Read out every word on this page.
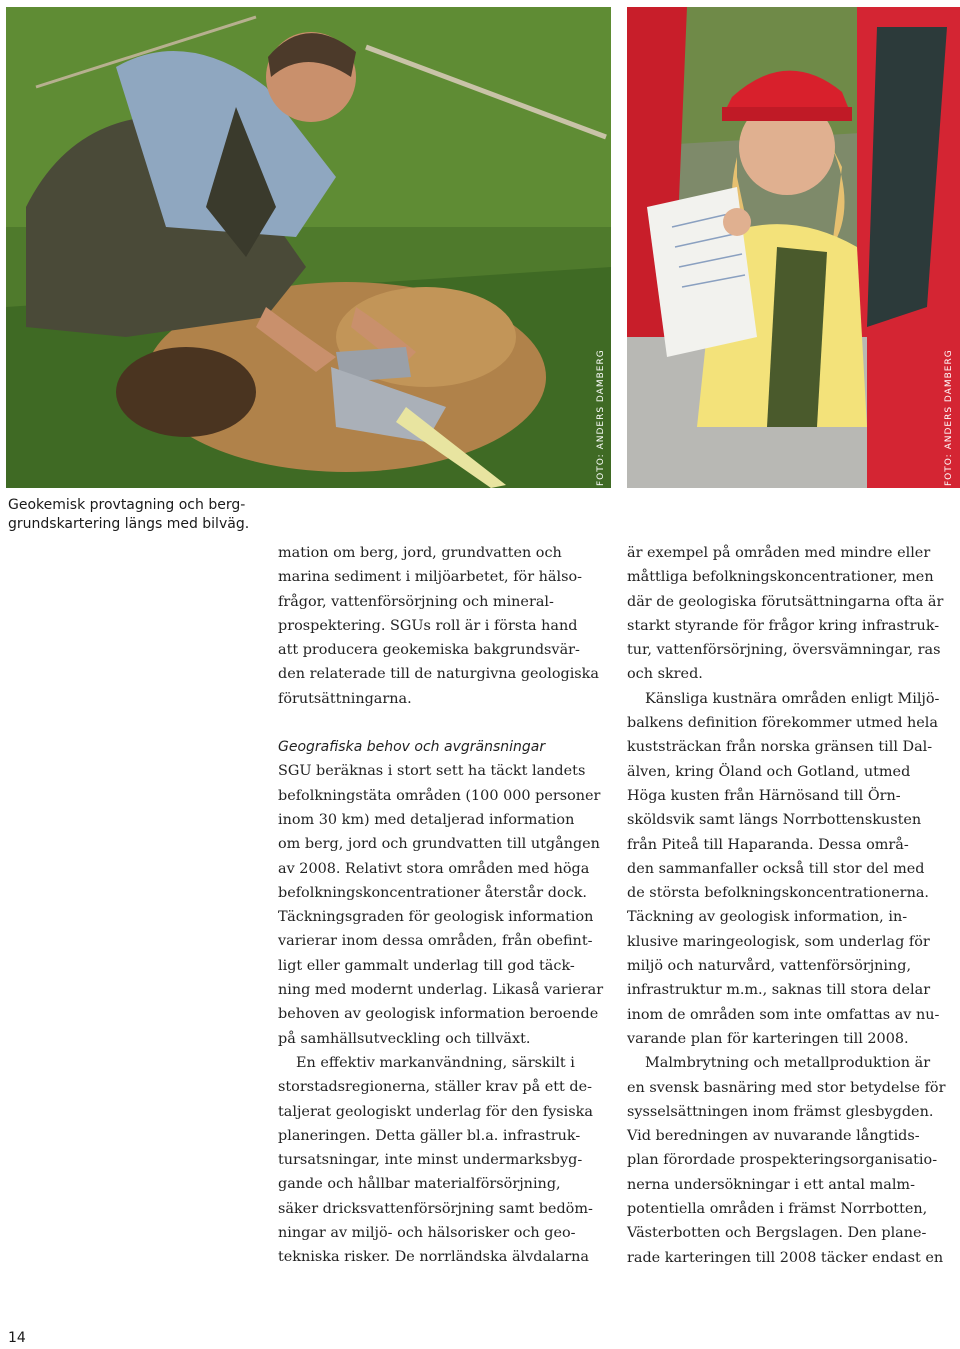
FOTO: ANDERS DAMBERG	FOTO: ANDERS DAMBERG
Geokemisk provtagning och berg-
grundskartering längs med bilväg.

mation om berg, jord, grundvatten och
marina sediment i miljöarbetet, för hälso-
frågor, vattenförsörjning och mineral-
prospektering. SGUs roll är i första hand
att producera geokemiska bakgrundsvär-
den relaterade till de naturgivna geologiska
förutsättningarna.

Geografiska behov och avgränsningar

SGU beräknas i stort sett ha täckt landets
befolkningstäta områden (100 000 personer
inom 30 km) med detaljerad information
om berg, jord och grundvatten till utgången
av 2008. Relativt stora områden med höga
befolkningskoncentrationer återstår dock.
Täckningsgraden för geologisk information
varierar inom dessa områden, från obefint-
ligt eller gammalt underlag till god täck-
ning med modernt underlag. Likaså varierar
behoven av geologisk information beroende
på samhällsutveckling och tillväxt.

En effektiv markanvändning, särskilt i
storstadsregionerna, ställer krav på ett de-
taljerat geologiskt underlag för den fysiska
planeringen. Detta gäller bl.a. infrastruk-
tursatsningar, inte minst undermarksbyg-
gande och hållbar materialförsörjning,
säker dricksvattenförsörjning samt bedöm-
ningar av miljö- och hälsorisker och geo-
tekniska risker. De norrländska älvdalarna

är exempel på områden med mindre eller
måttliga befolkningskoncentrationer, men
där de geologiska förutsättningarna ofta är
starkt styrande för frågor kring infrastruk-
tur, vattenförsörjning, översvämningar, ras
och skred.

Känsliga kustnära områden enligt Miljö-
balkens definition förekommer utmed hela
kuststräckan från norska gränsen till Dal-
älven, kring Öland och Gotland, utmed
Höga kusten från Härnösand till Örn-
sköldsvik samt längs Norrbottenskusten
från Piteå till Haparanda. Dessa områ-
den sammanfaller också till stor del med
de största befolkningskoncentrationerna.
Täckning av geologisk information, in-
klusive maringeologisk, som underlag för
miljö och naturvård, vattenförsörjning,
infrastruktur m.m., saknas till stora delar
inom de områden som inte omfattas av nu-
varande plan för karteringen till 2008.

Malmbrytning och metallproduktion är
en svensk basnäring med stor betydelse för
sysselsättningen inom främst glesbygden.
Vid beredningen av nuvarande långtids-
plan förordade prospekteringsorganisatio-
nerna undersökningar i ett antal malm-
potentiella områden i främst Norrbotten,
Västerbotten och Bergslagen. Den plane-
rade karteringen till 2008 täcker endast en

14
